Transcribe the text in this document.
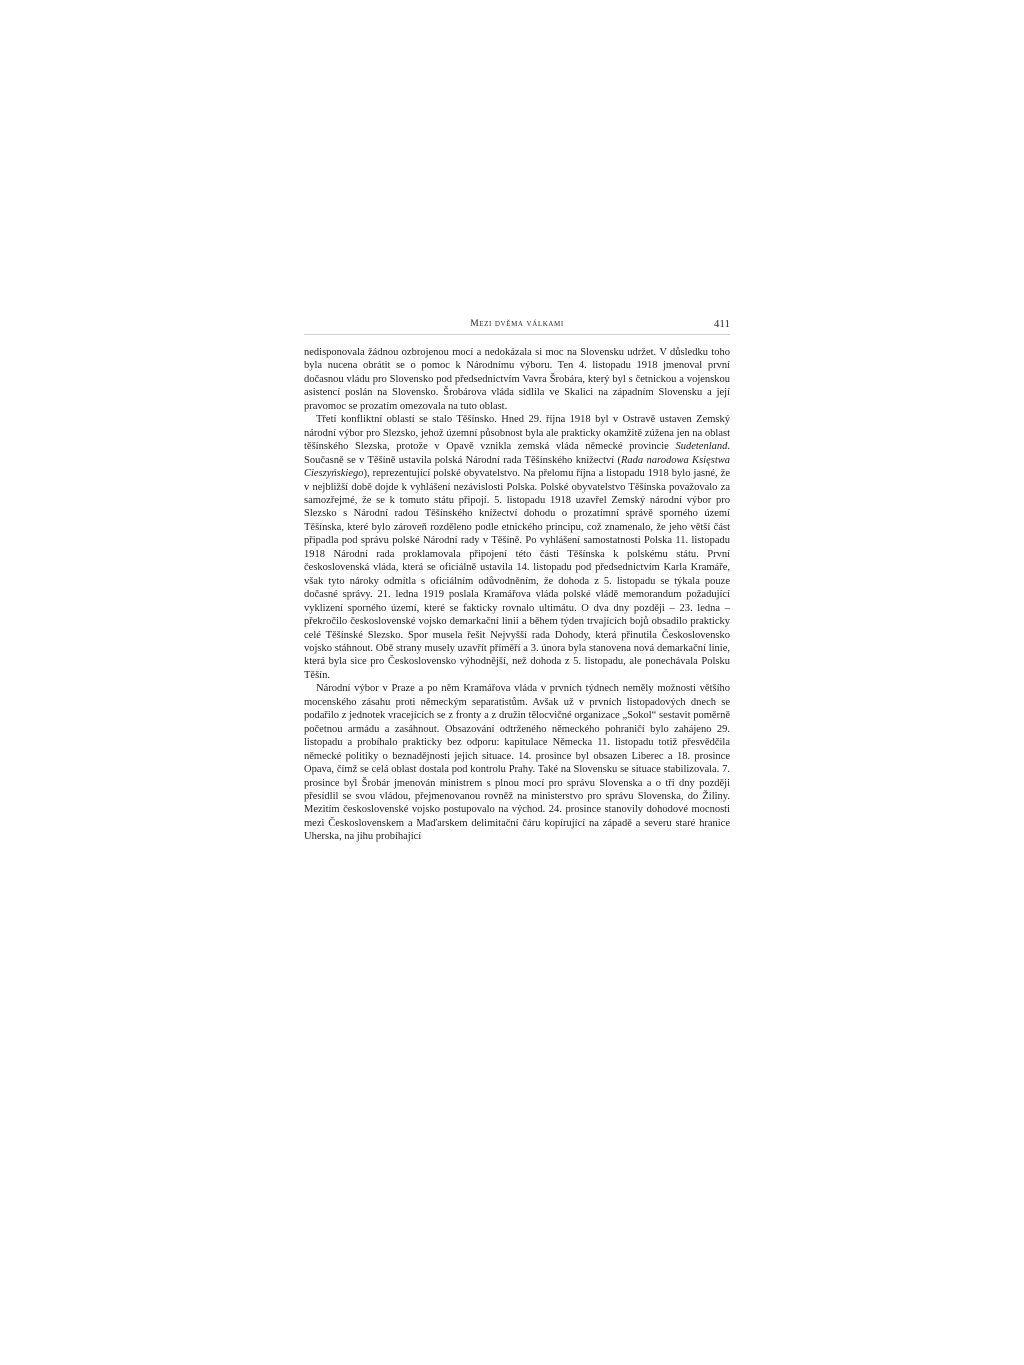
Mezi dvěma válkami	411

nedisponovala žádnou ozbrojenou mocí a nedokázala si moc na Slovensku udržet. V důsledku toho byla nucena obrátit se o pomoc k Národnímu výboru. Ten 4. listopadu 1918 jmenoval první dočasnou vládu pro Slovensko pod předsednictvím Vavra Šrobára, který byl s četnickou a vojenskou asistencí poslán na Slovensko. Šrobárova vláda sídlila ve Skalici na západním Slovensku a její pravomoc se prozatím omezovala na tuto oblast.

Třetí konfliktní oblastí se stalo Těšínsko. Hned 29. října 1918 byl v Ostravě ustaven Zemský národní výbor pro Slezsko, jehož územní působnost byla ale prakticky okamžitě zúžena jen na oblast těšínského Slezska, protože v Opavě vznikla zemská vláda německé provincie Sudetenland. Současně se v Těšíně ustavila polská Národní rada Těšínského knížectví (Rada narodowa Księstwa Cieszyńskiego), reprezentující polské obyvatelstvo. Na přelomu října a listopadu 1918 bylo jasné, že v nejbližší době dojde k vyhlášení nezávislosti Polska. Polské obyvatelstvo Těšínska považovalo za samozřejmé, že se k tomuto státu připojí. 5. listopadu 1918 uzavřel Zemský národní výbor pro Slezsko s Národní radou Těšínského knížectví dohodu o prozatímní správě sporného území Těšínska, které bylo zároveň rozděleno podle etnického principu, což znamenalo, že jeho větší část připadla pod správu polské Národní rady v Těšíně. Po vyhlášení samostatnosti Polska 11. listopadu 1918 Národní rada proklamovala připojení této části Těšínska k polskému státu. První československá vláda, která se oficiálně ustavila 14. listopadu pod předsednictvím Karla Kramáře, však tyto nároky odmítla s oficiálním odůvodněním, že dohoda z 5. listopadu se týkala pouze dočasné správy. 21. ledna 1919 poslala Kramářova vláda polské vládě memorandum požadující vyklizení sporného území, které se fakticky rovnalo ultimátu. O dva dny později – 23. ledna – překročilo československé vojsko demarkační linii a během týden trvajících bojů obsadilo prakticky celé Těšínské Slezsko. Spor musela řešit Nejvyšší rada Dohody, která přinutila Československo vojsko stáhnout. Obě strany musely uzavřít příměří a 3. února byla stanovena nová demarkační linie, která byla sice pro Československo výhodnější, než dohoda z 5. listopadu, ale ponechávala Polsku Těšín.

Národní výbor v Praze a po něm Kramářova vláda v prvních týdnech neměly možnosti většího mocenského zásahu proti německým separatistům. Avšak už v prvních listopadových dnech se podařilo z jednotek vracejících se z fronty a z družin tělocvičné organizace „Sokol“ sestavit poměrně početnou armádu a zasáhnout. Obsazování odtrženého německého pohraničí bylo zahájeno 29. listopadu a probíhalo prakticky bez odporu: kapitulace Německa 11. listopadu totiž přesvědčila německé politiky o beznadějnosti jejich situace. 14. prosince byl obsazen Liberec a 18. prosince Opava, čímž se celá oblast dostala pod kontrolu Prahy. Také na Slovensku se situace stabilizovala. 7. prosince byl Šrobár jmenován ministrem s plnou mocí pro správu Slovenska a o tři dny později přesídlil se svou vládou, přejmenovanou rovněž na ministerstvo pro správu Slovenska, do Žiliny. Mezitím československé vojsko postupovalo na východ. 24. prosince stanovily dohodové mocnosti mezi Československem a Maďarskem delimitační čáru kopírující na západě a severu staré hranice Uherska, na jihu probíhající
